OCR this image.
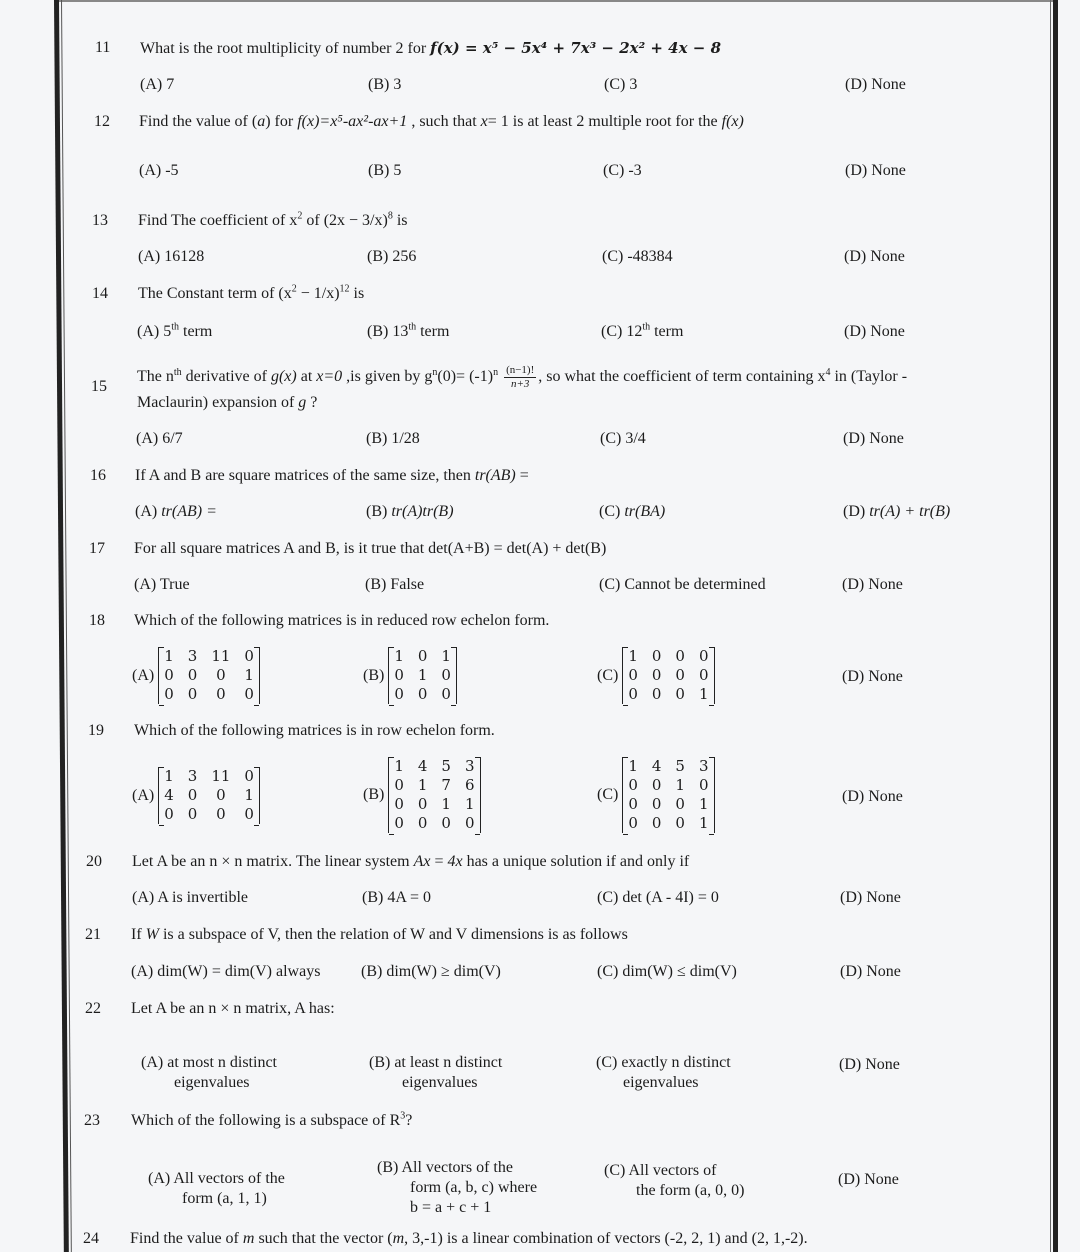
11 What is the root multiplicity of number 2 for f(x) = x⁵ − 5x⁴ + 7x³ − 2x² + 4x − 8
(A) 7	(B) 3	(C) 3	(D) None
12 Find the value of (a) for f(x)=x⁵-ax²-ax+1 , such that x= 1 is at least 2 multiple root for the f(x)
(A) -5	(B) 5	(C) -3	(D) None
13 Find The coefficient of $x^2$ of $(2x - 3/x)^8$ is
(A) 16128	(B) 256	(C) -48384	(D) None
14 The Constant term of $(x^2 - 1/x)^{12}$ is
(A) 5th term	(B) 13th term	(C) 12th term	(D) None
15
The $n^{th}$ derivative of g(x) at x=0 ,is given by $g^n(0)= (-1)^n \frac{(n-1)!}{n+3}$ , so what the coefficient of term containing $x^4$ in (Taylor -
Maclaurin) expansion of g ?
(A) 6/7	(B) 1/28	(C) 3/4	(D) None
16 If A and B are square matrices of the same size, then tr(AB) =
(A) tr(AB) =	(B) tr(A)tr(B)	(C) tr(BA)	(D) tr(A) + tr(B)
17 For all square matrices A and B, is it true that det(A+B) = det(A) + det(B)
(A) True	(B) False	(C) Cannot be determined	(D) None
18 Which of the following matrices is in reduced row echelon form.
(A)
1 3 11 0
0 0	0	1
0 0	0	0
(B)
1 0 1
0 1 0
0 0 0
(C)
1 0 0 0
0 0 0 0
0 0 0 1
(D) None
19 Which of the following matrices is in row echelon form.
(A)
1 3 11 0
4 0	0	1
0 0	0	0
(B)
1 4 5 3
0 1 7 6
0 0 1 1
0 0 0 0
(C)
1 4 5 3
0 0 1 0
0 0 0 1
0 0 0 1
(D) None
20 Let A be an n × n matrix. The linear system Ax = 4x has a unique solution if and only if
(A) A is invertible	(B) 4A = 0	(C) det (A - 4I) = 0	(D) None
21 If W is a subspace of V, then the relation of W and V dimensions is as follows
(A) dim(W) = dim(V) always	(B) dim(W) ≥ dim(V)	(C) dim(W) ≤ dim(V)	(D) None
22 Let A be an n × n matrix, A has:
(A) at most n distinct
eigenvalues
(B) at least n distinct
eigenvalues
(C) exactly n distinct
eigenvalues
(D) None
23 Which of the following is a subspace of $R^3$?
(A) All vectors of the
form (a, 1, 1)
(B) All vectors of the
form (a, b, c) where
b = a + c + 1
(C) All vectors of
the form (a, 0, 0)
(D) None
24 Find the value of m such that the vector (m, 3,-1) is a linear combination of vectors (-2, 2, 1) and (2, 1,-2).
